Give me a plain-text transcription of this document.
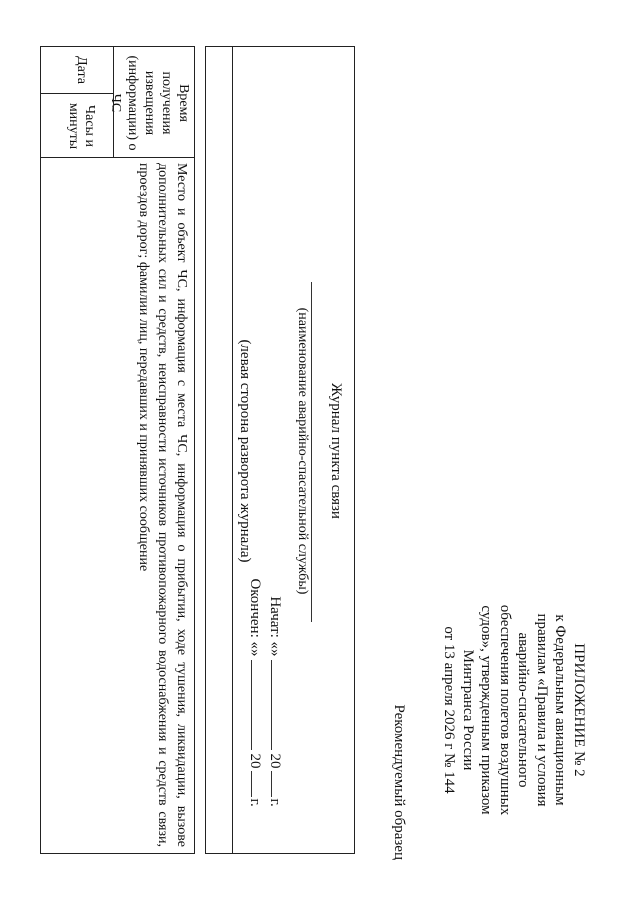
ПРИЛОЖЕНИЕ № 2
к Федеральным авиационным
правилам «Правила и условия
аварийно-спасательного
обеспечения полетов воздушных
судов», утвержденным приказом
Минтранса России
от 13 апреля 2026 г № 144
Рекомендуемый образец
Журнал пункта связи
(наименование аварийно-спасательной службы)
Начат: «
»
20
г.
Окончен: «
»
20
г.
(левая сторона разворота журнала)
Время получения извещения (информации) о ЧС
Дата
Часы и минуты
Место и объект ЧС, информация с места ЧС, информация о прибытии, ходе тушения, ликвидации, вызове дополнительных сил и средств, неисправности источников противопожарного водоснабжения и средств связи, проездов дорог; фамилии лиц, передавших и принявших сообщение
